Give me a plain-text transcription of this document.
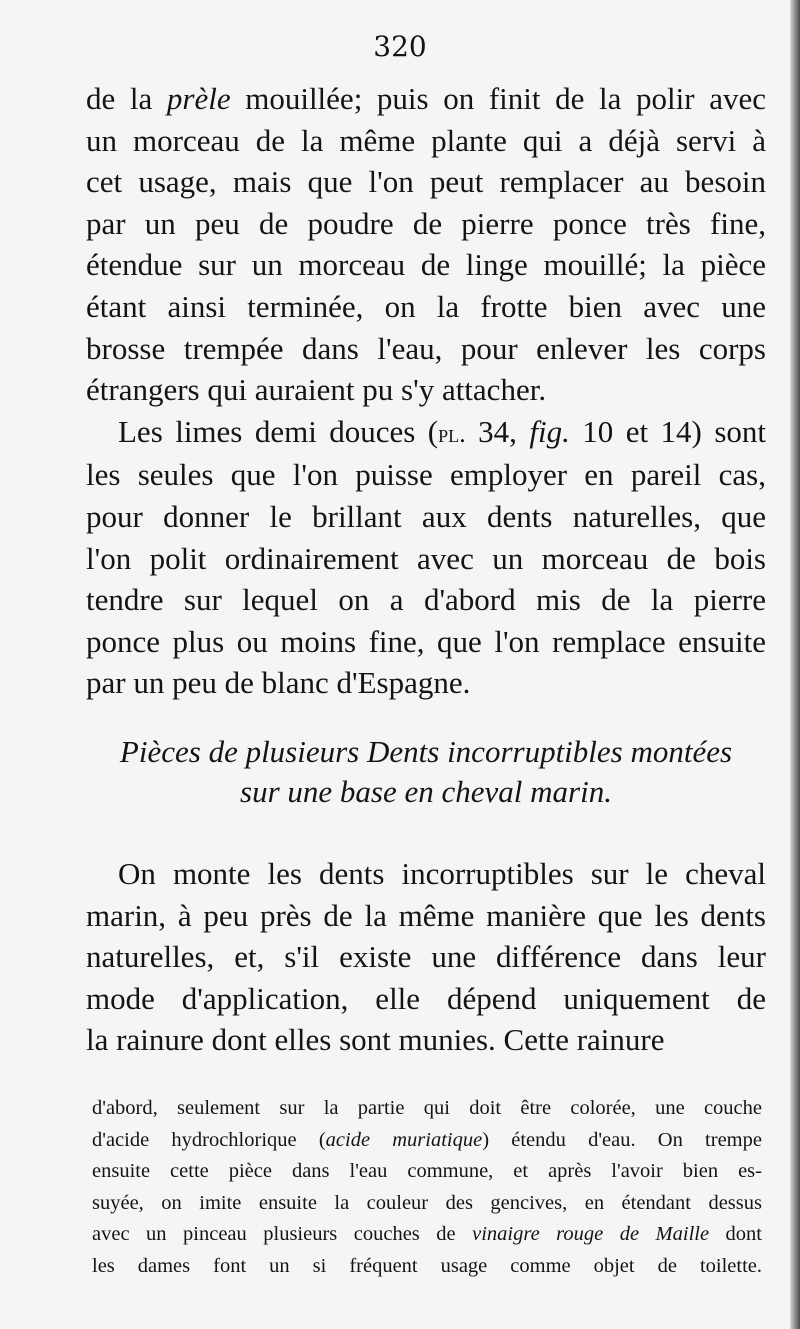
320
de la prèle mouillée; puis on finit de la polir avec
un morceau de la même plante qui a déjà servi à
cet usage, mais que l'on peut remplacer au besoin
par un peu de poudre de pierre ponce très fine,
étendue sur un morceau de linge mouillé; la pièce
étant ainsi terminée, on la frotte bien avec une
brosse trempée dans l'eau, pour enlever les corps
étrangers qui auraient pu s'y attacher.
Les limes demi douces (pl. 34, fig. 10 et 14) sont
les seules que l'on puisse employer en pareil cas,
pour donner le brillant aux dents naturelles, que
l'on polit ordinairement avec un morceau de bois
tendre sur lequel on a d'abord mis de la pierre
ponce plus ou moins fine, que l'on remplace ensuite
par un peu de blanc d'Espagne.
Pièces de plusieurs Dents incorruptibles montées
sur une base en cheval marin.
On monte les dents incorruptibles sur le cheval
marin, à peu près de la même manière que les dents
naturelles, et, s'il existe une différence dans leur
mode d'application, elle dépend uniquement de
la rainure dont elles sont munies. Cette rainure
d'abord, seulement sur la partie qui doit être colorée, une couche
d'acide hydrochlorique (acide muriatique) étendu d'eau. On trempe
ensuite cette pièce dans l'eau commune, et après l'avoir bien es-
suyée, on imite ensuite la couleur des gencives, en étendant dessus
avec un pinceau plusieurs couches de vinaigre rouge de Maille dont
les dames font un si fréquent usage comme objet de toilette.
